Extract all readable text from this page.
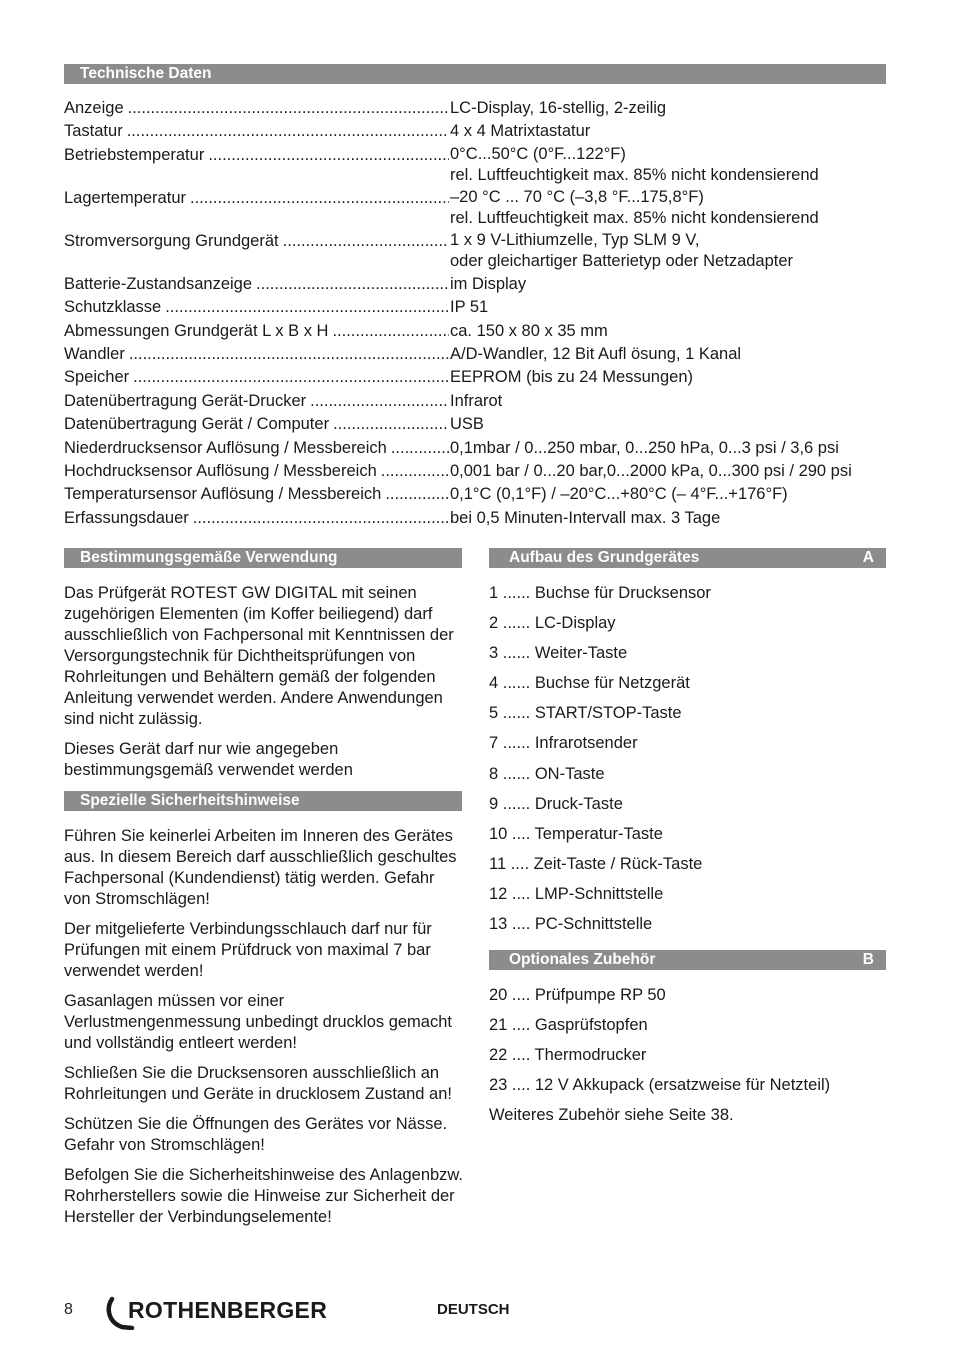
Technische Daten
Anzeige .....	LC-Display, 16-stellig, 2-zeilig
Tastatur .....	4 x 4 Matrixtastatur
Betriebstemperatur .....	0°C...50°C (0°F...122°F)
rel. Luftfeuchtigkeit max. 85% nicht kondensierend
Lagertemperatur .....	–20 °C ... 70 °C (–3,8 °F...175,8°F)
rel. Luftfeuchtigkeit max. 85% nicht kondensierend
Stromversorgung Grundgerät .....	1 x 9 V-Lithiumzelle, Typ SLM 9 V,
oder gleichartiger Batterietyp oder Netzadapter
Batterie-Zustandsanzeige .....	im Display
Schutzklasse .....	IP 51
Abmessungen Grundgerät L x B x H .....	ca. 150 x 80 x 35 mm
Wandler .....	A/D-Wandler, 12 Bit Aufl ösung, 1 Kanal
Speicher .....	EEPROM (bis zu 24 Messungen)
Datenübertragung Gerät-Drucker .....	Infrarot
Datenübertragung Gerät / Computer .....	USB
Niederdrucksensor Auflösung / Messbereich .....	0,1mbar / 0...250 mbar, 0...250 hPa, 0...3 psi / 3,6 psi
Hochdrucksensor Auflösung / Messbereich .....	0,001 bar / 0...20 bar,0...2000 kPa, 0...300 psi / 290 psi
Temperatursensor Auflösung / Messbereich .....	0,1°C (0,1°F) / –20°C...+80°C (– 4°F...+176°F)
Erfassungsdauer .....	bei 0,5 Minuten-Intervall max. 3 Tage
Bestimmungsgemäße Verwendung

Das Prüfgerät ROTEST GW DIGITAL mit seinen zugehörigen Elementen (im Koffer beiliegend) darf ausschließlich von Fachpersonal mit Kenntnissen der Versorgungstechnik für Dichtheitsprüfungen von Rohrleitungen und Behältern gemäß der folgenden Anleitung verwendet werden. Andere Anwendungen sind nicht zulässig.

Dieses Gerät darf nur wie angegeben bestimmungsgemäß verwendet werden

Spezielle Sicherheitshinweise

Führen Sie keinerlei Arbeiten im Inneren des Gerätes aus. In diesem Bereich darf ausschließlich geschultes Fachpersonal (Kundendienst) tätig werden. Gefahr von Stromschlägen!

Der mitgelieferte Verbindungsschlauch darf nur für Prüfungen mit einem Prüfdruck von maximal 7 bar verwendet werden!

Gasanlagen müssen vor einer Verlustmengenmessung unbedingt drucklos gemacht und vollständig entleert werden!

Schließen Sie die Drucksensoren ausschließlich an Rohrleitungen und Geräte in drucklosem Zustand an!

Schützen Sie die Öffnungen des Gerätes vor Nässe. Gefahr von Stromschlägen!

Befolgen Sie die Sicherheitshinweise des Anlagenbzw. Rohrherstellers sowie die Hinweise zur Sicherheit der Hersteller der Verbindungselemente!

Aufbau des Grundgerätes	A
1 ...... Buchse für Drucksensor
2 ...... LC-Display
3 ...... Weiter-Taste
4 ...... Buchse für Netzgerät
5 ...... START/STOP-Taste
7 ...... Infrarotsender
8 ...... ON-Taste
9 ...... Druck-Taste
10 .... Temperatur-Taste
11 .... Zeit-Taste / Rück-Taste
12 .... LMP-Schnittstelle
13 .... PC-Schnittstelle
Optionales Zubehör	B
20 .... Prüfpumpe RP 50
21 .... Gasprüfstopfen
22 .... Thermodrucker
23 .... 12 V Akkupack (ersatzweise für Netzteil)
Weiteres Zubehör siehe Seite 38.
8 ROTHENBERGER	DEUTSCH
